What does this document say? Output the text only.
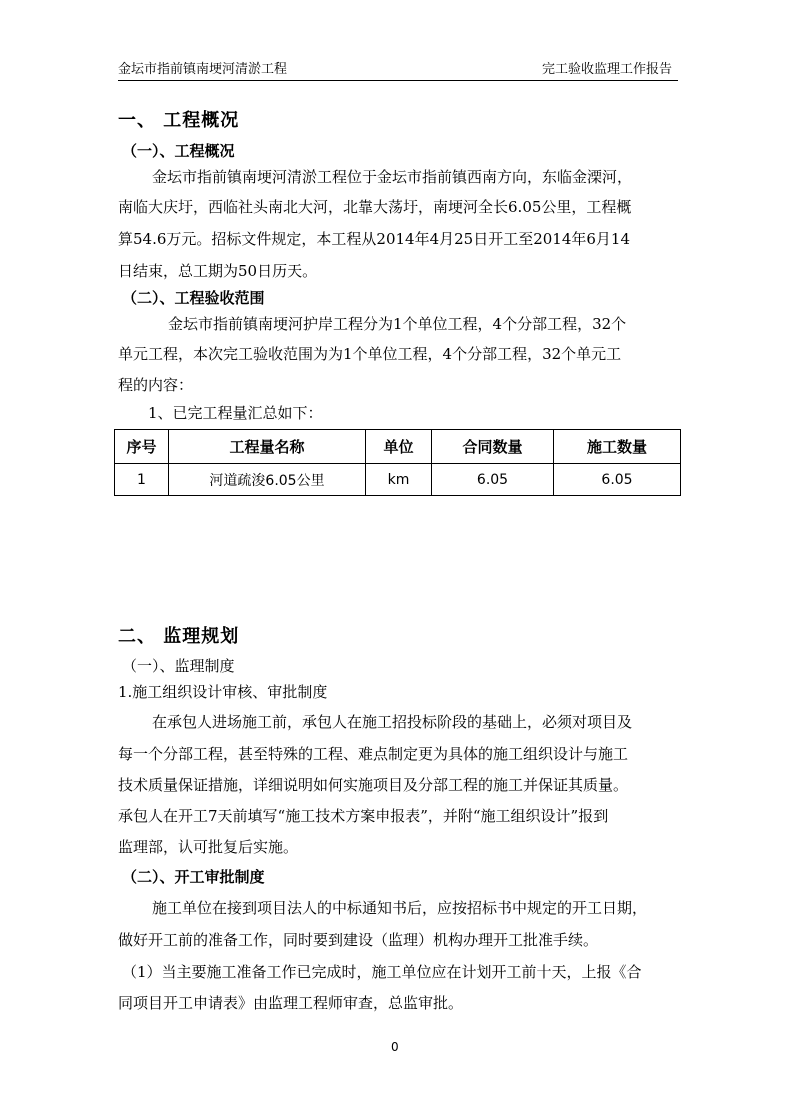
金坛市指前镇南埂河清淤工程	完工验收监理工作报告
一、 工程概况
（一）、工程概况
金坛市指前镇南埂河清淤工程位于金坛市指前镇西南方向，东临金溧河，
南临大庆圩，西临社头南北大河，北靠大荡圩，南埂河全长6.05公里，工程概
算54.6万元。招标文件规定，本工程从2014年4月25日开工至2014年6月14
日结束，总工期为50日历天。
（二）、工程验收范围
金坛市指前镇南埂河护岸工程分为1个单位工程，4个分部工程，32个
单元工程，本次完工验收范围为为1个单位工程，4个分部工程，32个单元工
程的内容：
1、已完工程量汇总如下：
序号	工程量名称	单位	合同数量	施工数量
1	河道疏浚6.05公里	km	6.05	6.05
二、 监理规划
（一）、监理制度
1.施工组织设计审核、审批制度
在承包人进场施工前，承包人在施工招投标阶段的基础上，必须对项目及
每一个分部工程，甚至特殊的工程、难点制定更为具体的施工组织设计与施工
技术质量保证措施，详细说明如何实施项目及分部工程的施工并保证其质量。
承包人在开工7天前填写“施工技术方案申报表”，并附“施工组织设计”报到
监理部，认可批复后实施。
（二）、开工审批制度
施工单位在接到项目法人的中标通知书后，应按招标书中规定的开工日期，
做好开工前的准备工作，同时要到建设（监理）机构办理开工批准手续。
（1）当主要施工准备工作已完成时，施工单位应在计划开工前十天，上报《合
同项目开工申请表》由监理工程师审查，总监审批。
0
